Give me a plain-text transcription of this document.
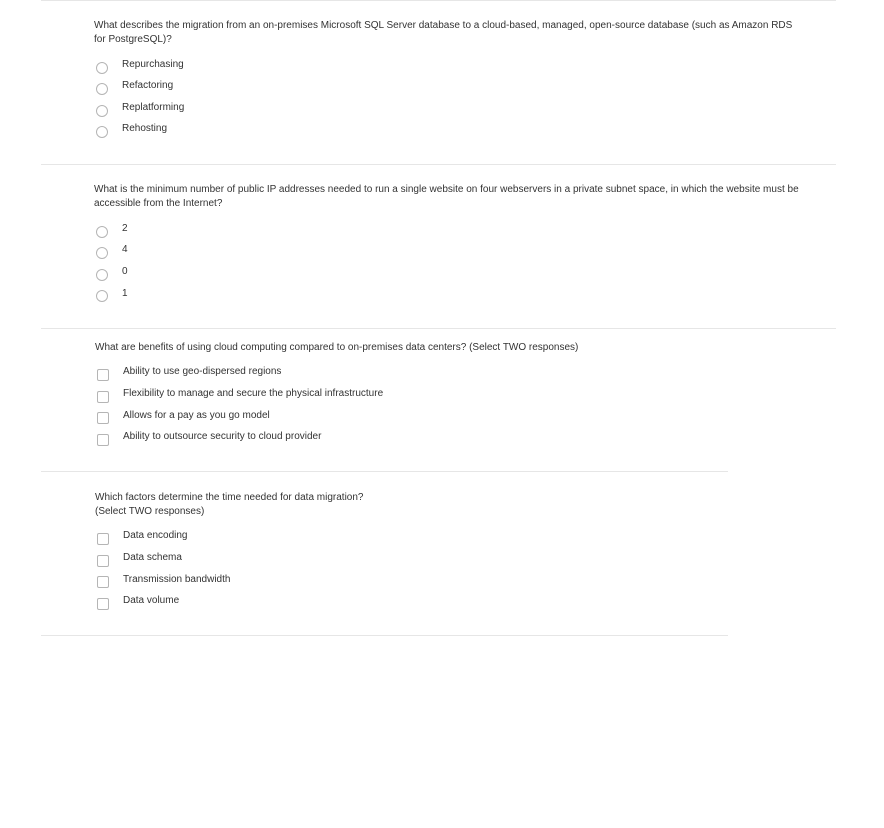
What describes the migration from an on-premises Microsoft SQL Server database to a cloud-based, managed, open-source database (such as Amazon RDS for PostgreSQL)?
Repurchasing
Refactoring
Replatforming
Rehosting
What is the minimum number of public IP addresses needed to run a single website on four webservers in a private subnet space, in which the website must be accessible from the Internet?
2
4
0
1
What are benefits of using cloud computing compared to on-premises data centers? (Select TWO responses)
Ability to use geo-dispersed regions
Flexibility to manage and secure the physical infrastructure
Allows for a pay as you go model
Ability to outsource security to cloud provider
Which factors determine the time needed for data migration?
(Select TWO responses)
Data encoding
Data schema
Transmission bandwidth
Data volume
